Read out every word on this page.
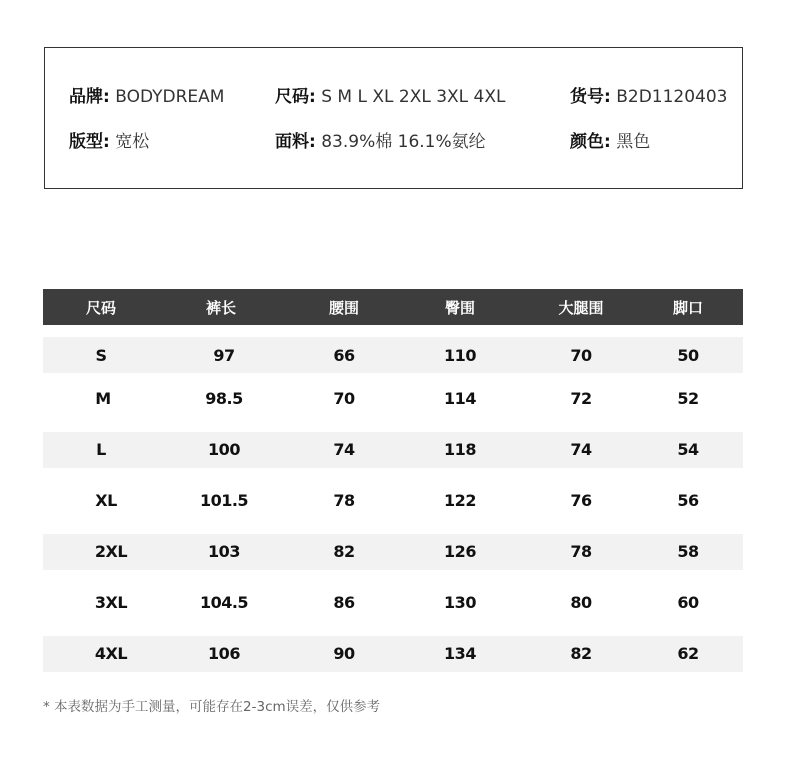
品牌: BODYDREAM	尺码: S M L XL 2XL 3XL 4XL	货号: B2D1120403
版型: 宽松	面料: 83.9%棉 16.1%氨纶	颜色: 黑色
尺码	裤长	腰围	臀围	大腿围	脚口
S	97	66	110	70	50
M	98.5	70	114	72	52
L	100	74	118	74	54
XL	101.5	78	122	76	56
2XL	103	82	126	78	58
3XL	104.5	86	130	80	60
4XL	106	90	134	82	62
* 本表数据为手工测量，可能存在2-3cm误差，仅供参考
